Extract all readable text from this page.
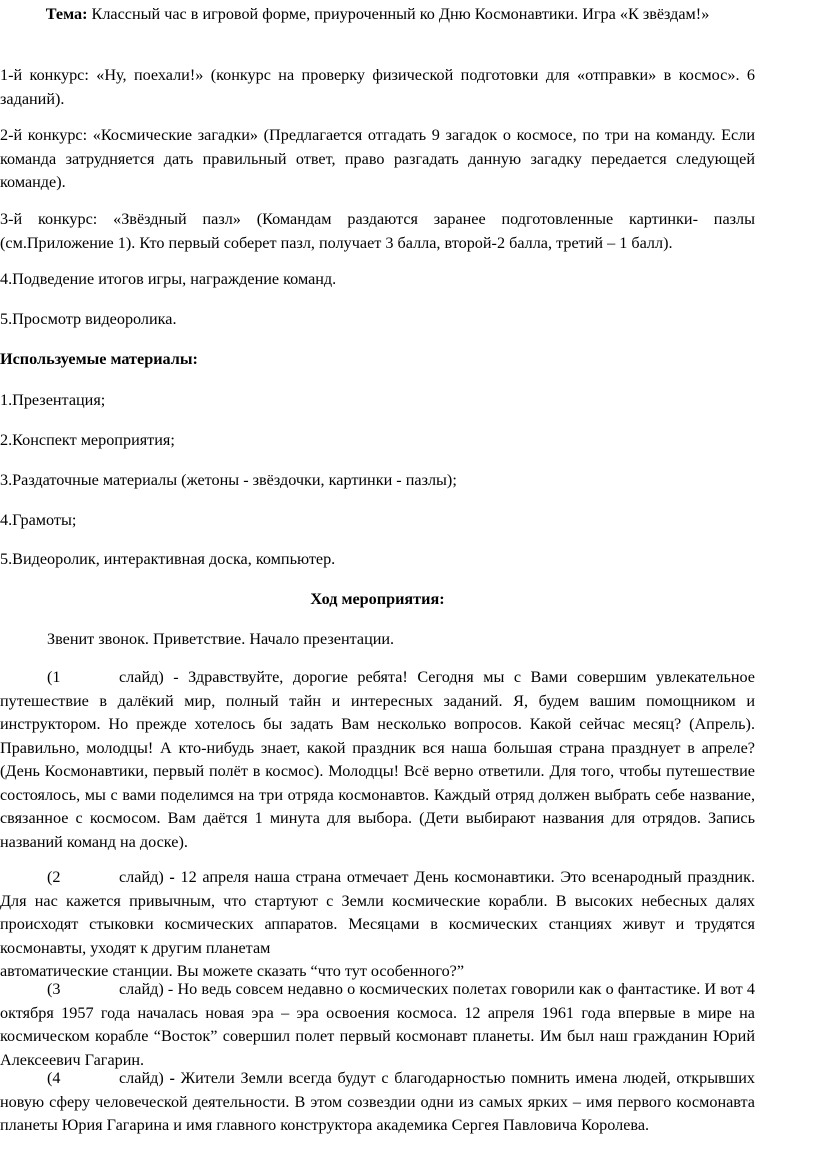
Тема: Классный час в игровой форме, приуроченный ко Дню Космонавтики. Игра «К звёздам!»

1-й конкурс: «Ну, поехали!» (конкурс на проверку физической подготовки для «отправки» в космос». 6 заданий).

2-й конкурс: «Космические загадки» (Предлагается отгадать 9 загадок о космосе, по три на команду. Если команда затрудняется дать правильный ответ, право разгадать данную загадку передается следующей команде).

3-й конкурс: «Звёздный пазл» (Командам раздаются заранее подготовленные картинки- пазлы (см.Приложение 1). Кто первый соберет пазл, получает 3 балла, второй-2 балла, третий – 1 балл).

4.Подведение итогов игры, награждение команд.

5.Просмотр видеоролика.

Используемые материалы:

1.Презентация;

2.Конспект мероприятия;

3.Раздаточные материалы (жетоны - звёздочки, картинки - пазлы);

4.Грамоты;

5.Видеоролик, интерактивная доска, компьютер.

Ход мероприятия:

Звенит звонок. Приветствие. Начало презентации.

(1	слайд) - Здравствуйте, дорогие ребята! Сегодня мы с Вами совершим увлекательное путешествие в далёкий мир, полный тайн и интересных заданий. Я, будем вашим помощником и инструктором. Но прежде хотелось бы задать Вам несколько вопросов. Какой сейчас месяц? (Апрель). Правильно, молодцы! А кто-нибудь знает, какой праздник вся наша большая страна празднует в апреле? (День Космонавтики, первый полёт в космос). Молодцы! Всё верно ответили. Для того, чтобы путешествие состоялось, мы с вами поделимся на три отряда космонавтов. Каждый отряд должен выбрать себе название, связанное с космосом. Вам даётся 1 минута для выбора. (Дети выбирают названия для отрядов. Запись названий команд на доске).

(2	слайд) - 12 апреля наша страна отмечает День космонавтики. Это всенародный праздник. Для нас кажется привычным, что стартуют с Земли космические корабли. В высоких небесных далях происходят стыковки космических аппаратов. Месяцами в космических станциях живут и трудятся космонавты, уходят к другим планетам

автоматические станции. Вы можете сказать “что тут особенного?”

(3	слайд) - Но ведь совсем недавно о космических полетах говорили как о фантастике. И вот 4 октября 1957 года началась новая эра – эра освоения космоса. 12 апреля 1961 года впервые в мире на космическом корабле “Восток” совершил полет первый космонавт планеты. Им был наш гражданин Юрий Алексеевич Гагарин.

(4	слайд) - Жители Земли всегда будут с благодарностью помнить имена людей, открывших новую сферу человеческой деятельности. В этом созвездии одни из самых ярких – имя первого космонавта планеты Юрия Гагарина и имя главного конструктора академика Сергея Павловича Королева.
